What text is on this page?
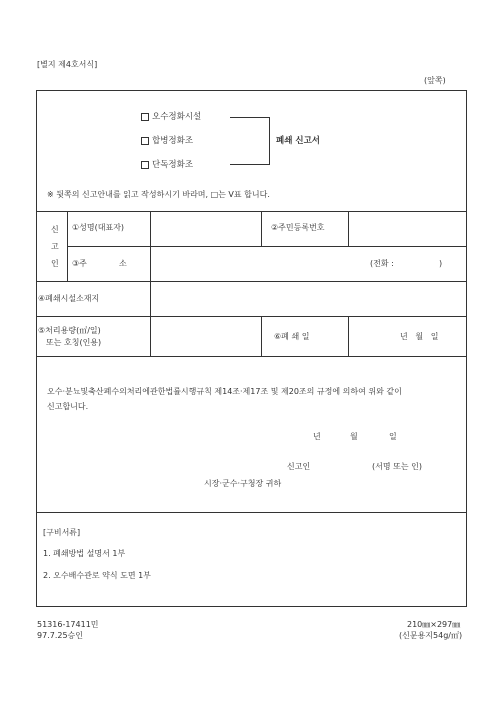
[별지 제4호서식]
(앞쪽)
오수정화시설
합병정화조
단독정화조
폐쇄 신고서
※ 뒷쪽의 신고안내를 읽고 작성하시기 바라며, □는 V표 합니다.
신
고
인
①성명(대표자)	②주민등록번호
③주	소	(전화 :	)
④폐쇄시설소재지
⑤처리용량(㎥/일)
또는 호칭(인용)
⑥폐 쇄 일	년   월   일
오수·분뇨및축산폐수의처리에관한법률시행규칙 제14조·제17조 및 제20조의 규정에 의하여 위와 같이
신고합니다.
년	월	일
신고인	(서명 또는 인)
시장·군수·구청장 귀하
[구비서류]
1. 폐쇄방법 설명서 1부
2. 오수배수관로 약식 도면 1부
51316-17411민
97.7.25승인
210㎜×297㎜
(신문용지54g/㎡)
